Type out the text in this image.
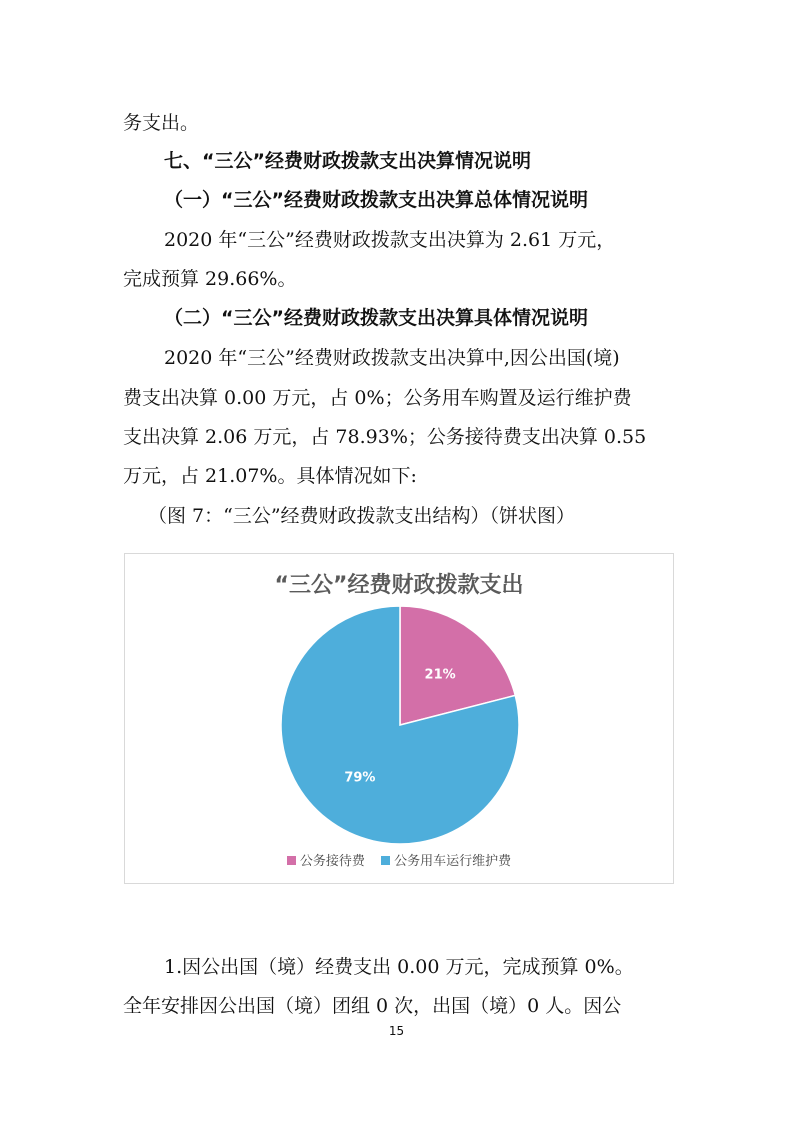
务支出。
七、“三公”经费财政拨款支出决算情况说明
（一）“三公”经费财政拨款支出决算总体情况说明
2020 年“三公”经费财政拨款支出决算为 2.61 万元，
完成预算 29.66%。
（二）“三公”经费财政拨款支出决算具体情况说明
2020 年“三公”经费财政拨款支出决算中,因公出国(境)
费支出决算 0.00 万元，占 0%；公务用车购置及运行维护费
支出决算 2.06 万元，占 78.93%；公务接待费支出决算 0.55
万元，占 21.07%。具体情况如下:
（图 7：“三公”经费财政拨款支出结构）（饼状图）
“三公”经费财政拨款支出
21%
79%
公务接待费 公务用车运行维护费
1.因公出国（境）经费支出 0.00 万元，完成预算 0%。
全年安排因公出国（境）团组 0 次，出国（境）0 人。因公
15
